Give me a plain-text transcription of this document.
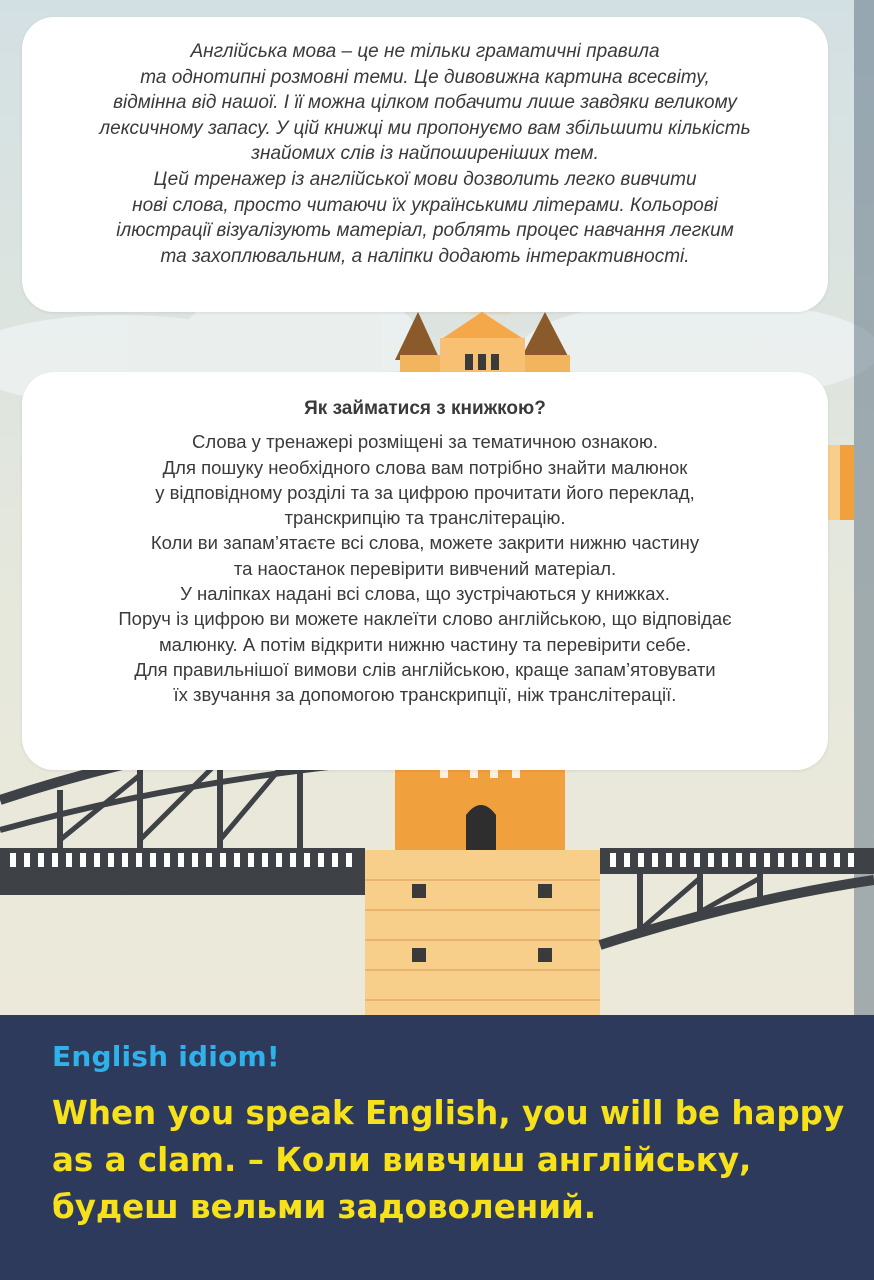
Англійська мова – це не тільки граматичні правила
та однотипні розмовні теми. Це дивовижна картина всесвіту,
відмінна від нашої. І її можна цілком побачити лише завдяки великому
лексичному запасу. У цій книжці ми пропонуємо вам збільшити кількість
знайомих слів із найпоширеніших тем.
Цей тренажер із англійської мови дозволить легко вивчити
нові слова, просто читаючи їх українськими літерами. Кольорові
ілюстрації візуалізують матеріал, роблять процес навчання легким
та захоплювальним, а наліпки додають інтерактивності.
Як займатися з книжкою?
Слова у тренажері розміщені за тематичною ознакою.
Для пошуку необхідного слова вам потрібно знайти малюнок
у відповідному розділі та за цифрою прочитати його переклад,
транскрипцію та транслітерацію.
Коли ви запам’ятаєте всі слова, можете закрити нижню частину
та наостанок перевірити вивчений матеріал.
У наліпках надані всі слова, що зустрічаються у книжках.
Поруч із цифрою ви можете наклеїти слово англійською, що відповідає
малюнку. А потім відкрити нижню частину та перевірити себе.
Для правильнішої вимови слів англійською, краще запам’ятовувати
їх звучання за допомогою транскрипції, ніж транслітерації.
English idiom!
When you speak English, you will be happy
as a clam. – Коли вивчиш англійську,
будеш вельми задоволений.
